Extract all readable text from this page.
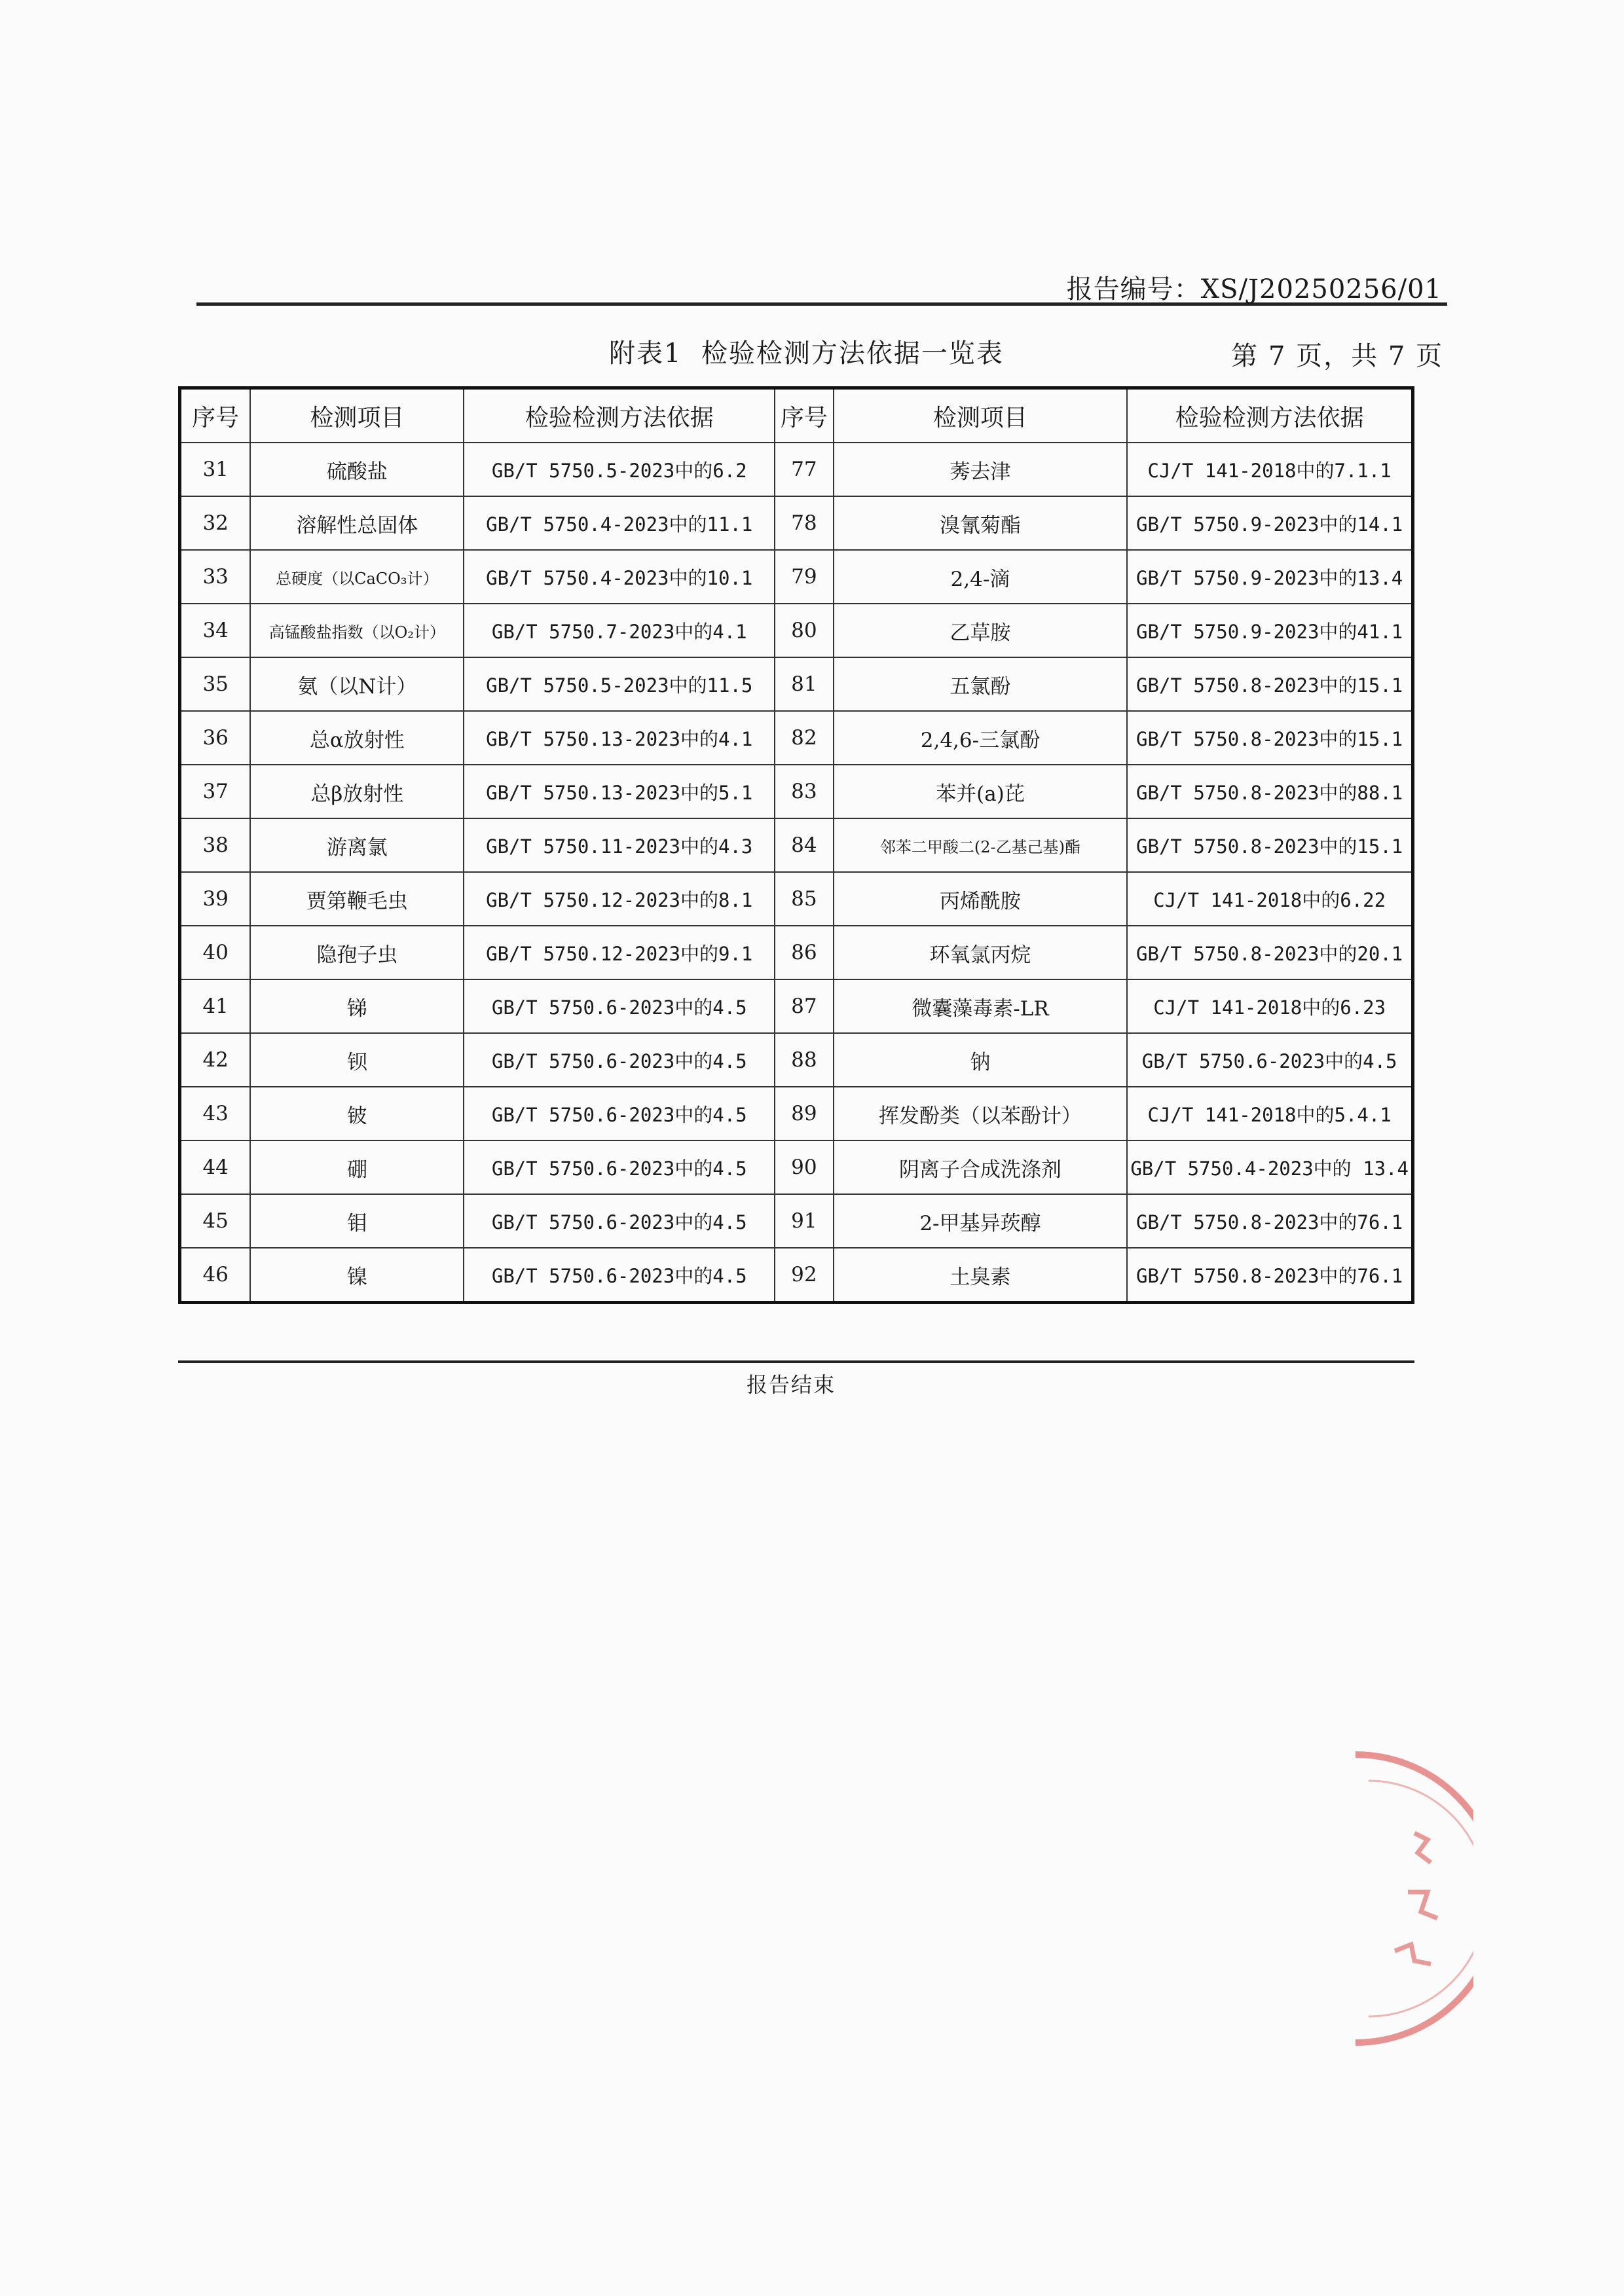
报告编号：XS/J20250256/01
附表1  检验检测方法依据一览表	第 7 页，共 7 页
序号	检测项目	检验检测方法依据	序号	检测项目	检验检测方法依据
31	硫酸盐	GB/T 5750.5-2023中的6.2	77	莠去津	CJ/T 141-2018中的7.1.1
32	溶解性总固体	GB/T 5750.4-2023中的11.1	78	溴氰菊酯	GB/T 5750.9-2023中的14.1
33	总硬度（以CaCO₃计）	GB/T 5750.4-2023中的10.1	79	2,4-滴	GB/T 5750.9-2023中的13.4
34	高锰酸盐指数（以O₂计）	GB/T 5750.7-2023中的4.1	80	乙草胺	GB/T 5750.9-2023中的41.1
35	氨（以N计）	GB/T 5750.5-2023中的11.5	81	五氯酚	GB/T 5750.8-2023中的15.1
36	总α放射性	GB/T 5750.13-2023中的4.1	82	2,4,6-三氯酚	GB/T 5750.8-2023中的15.1
37	总β放射性	GB/T 5750.13-2023中的5.1	83	苯并(a)芘	GB/T 5750.8-2023中的88.1
38	游离氯	GB/T 5750.11-2023中的4.3	84	邻苯二甲酸二(2-乙基己基)酯	GB/T 5750.8-2023中的15.1
39	贾第鞭毛虫	GB/T 5750.12-2023中的8.1	85	丙烯酰胺	CJ/T 141-2018中的6.22
40	隐孢子虫	GB/T 5750.12-2023中的9.1	86	环氧氯丙烷	GB/T 5750.8-2023中的20.1
41	锑	GB/T 5750.6-2023中的4.5	87	微囊藻毒素-LR	CJ/T 141-2018中的6.23
42	钡	GB/T 5750.6-2023中的4.5	88	钠	GB/T 5750.6-2023中的4.5
43	铍	GB/T 5750.6-2023中的4.5	89	挥发酚类（以苯酚计）	CJ/T 141-2018中的5.4.1
44	硼	GB/T 5750.6-2023中的4.5	90	阴离子合成洗涤剂	GB/T 5750.4-2023中的 13.4
45	钼	GB/T 5750.6-2023中的4.5	91	2-甲基异莰醇	GB/T 5750.8-2023中的76.1
46	镍	GB/T 5750.6-2023中的4.5	92	土臭素	GB/T 5750.8-2023中的76.1
报告结束
